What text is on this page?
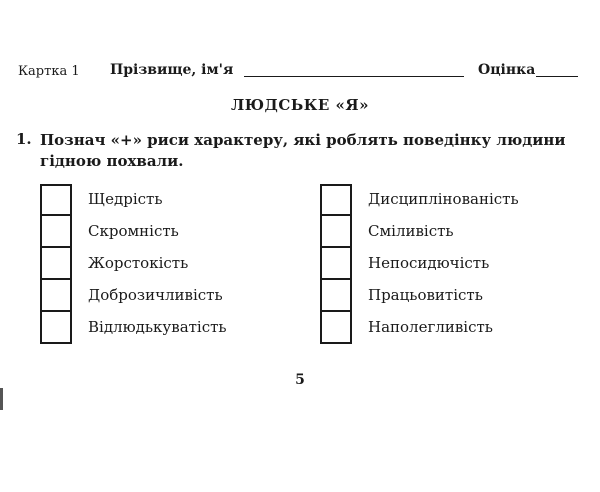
Картка 1 Прізвище, ім'я	Оцінка
ЛЮДСЬКЕ «Я»
1. Познач «+» риси характеру, які роблять поведінку людини гідною похвали.
Щедрість
Скромність
Жорстокість
Доброзичливість
Відлюдькуватість
Дисциплінованість
Сміливість
Непосидючість
Працьовитість
Наполегливість
5
